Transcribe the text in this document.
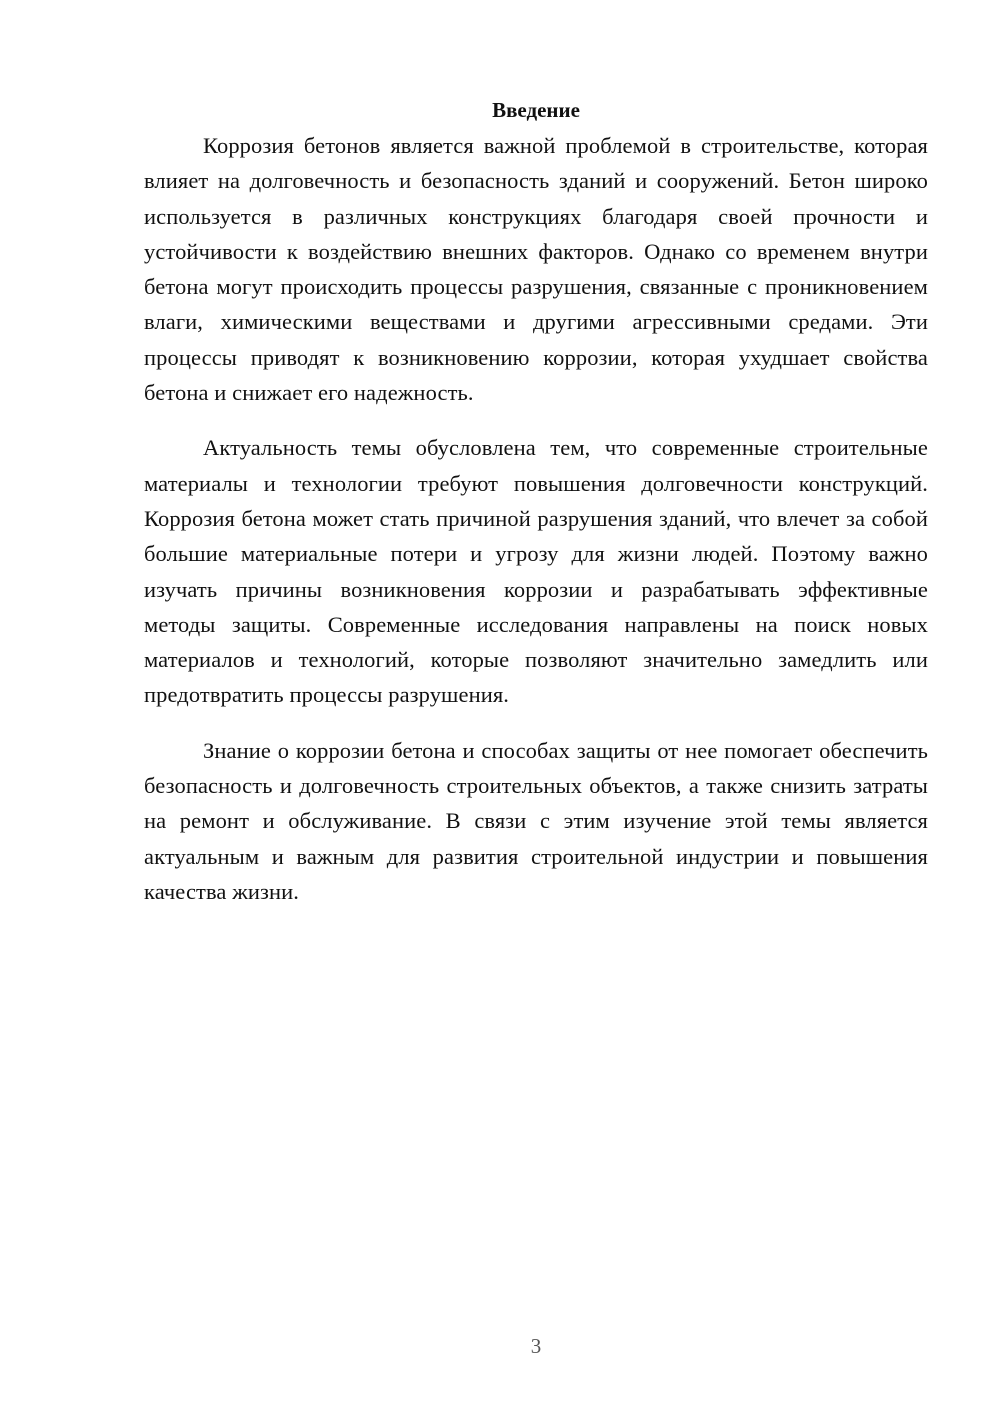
Введение

Коррозия бетонов является важной проблемой в строительстве, которая влияет на долговечность и безопасность зданий и сооружений. Бетон широко используется в различных конструкциях благодаря своей прочности и устойчивости к воздействию внешних факторов. Однако со временем внутри бетона могут происходить процессы разрушения, связанные с проникновением влаги, химическими веществами и другими агрессивными средами. Эти процессы приводят к возникновению коррозии, которая ухудшает свойства бетона и снижает его надежность.

Актуальность темы обусловлена тем, что современные строительные материалы и технологии требуют повышения долговечности конструкций. Коррозия бетона может стать причиной разрушения зданий, что влечет за собой большие материальные потери и угрозу для жизни людей. Поэтому важно изучать причины возникновения коррозии и разрабатывать эффективные методы защиты. Современные исследования направлены на поиск новых материалов и технологий, которые позволяют значительно замедлить или предотвратить процессы разрушения.

Знание о коррозии бетона и способах защиты от нее помогает обеспечить безопасность и долговечность строительных объектов, а также снизить затраты на ремонт и обслуживание. В связи с этим изучение этой темы является актуальным и важным для развития строительной индустрии и повышения качества жизни.

3
